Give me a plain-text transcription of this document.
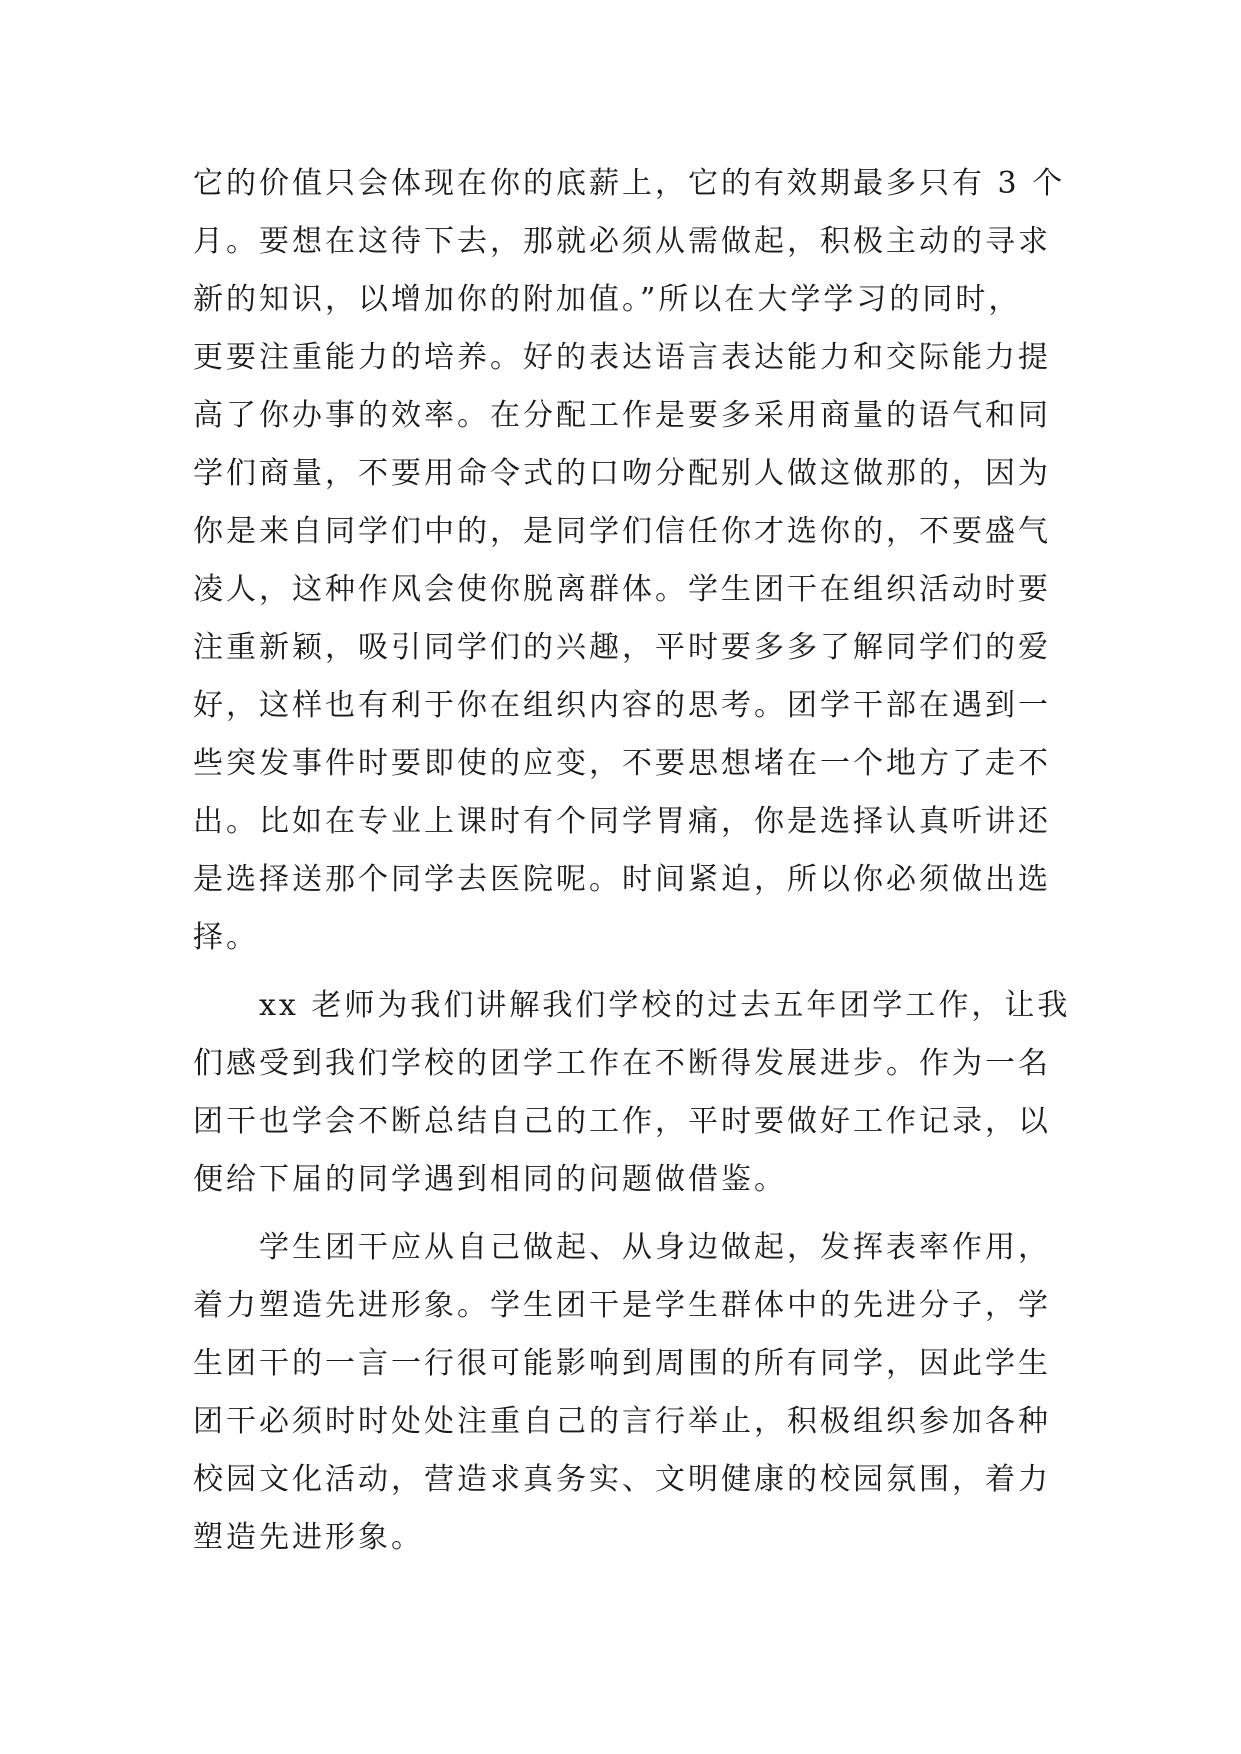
它的价值只会体现在你的底薪上，它的有效期最多只有 3 个
月。要想在这待下去，那就必须从需做起，积极主动的寻求
新的知识，以增加你的附加值。”所以在大学学习的同时，
更要注重能力的培养。好的表达语言表达能力和交际能力提
高了你办事的效率。在分配工作是要多采用商量的语气和同
学们商量，不要用命令式的口吻分配别人做这做那的，因为
你是来自同学们中的，是同学们信任你才选你的，不要盛气
凌人，这种作风会使你脱离群体。学生团干在组织活动时要
注重新颖，吸引同学们的兴趣，平时要多多了解同学们的爱
好，这样也有利于你在组织内容的思考。团学干部在遇到一
些突发事件时要即使的应变，不要思想堵在一个地方了走不
出。比如在专业上课时有个同学胃痛，你是选择认真听讲还
是选择送那个同学去医院呢。时间紧迫，所以你必须做出选
择。
　　xx 老师为我们讲解我们学校的过去五年团学工作，让我
们感受到我们学校的团学工作在不断得发展进步。作为一名
团干也学会不断总结自己的工作，平时要做好工作记录，以
便给下届的同学遇到相同的问题做借鉴。
　　学生团干应从自己做起、从身边做起，发挥表率作用，
着力塑造先进形象。学生团干是学生群体中的先进分子，学
生团干的一言一行很可能影响到周围的所有同学，因此学生
团干必须时时处处注重自己的言行举止，积极组织参加各种
校园文化活动，营造求真务实、文明健康的校园氛围，着力
塑造先进形象。
